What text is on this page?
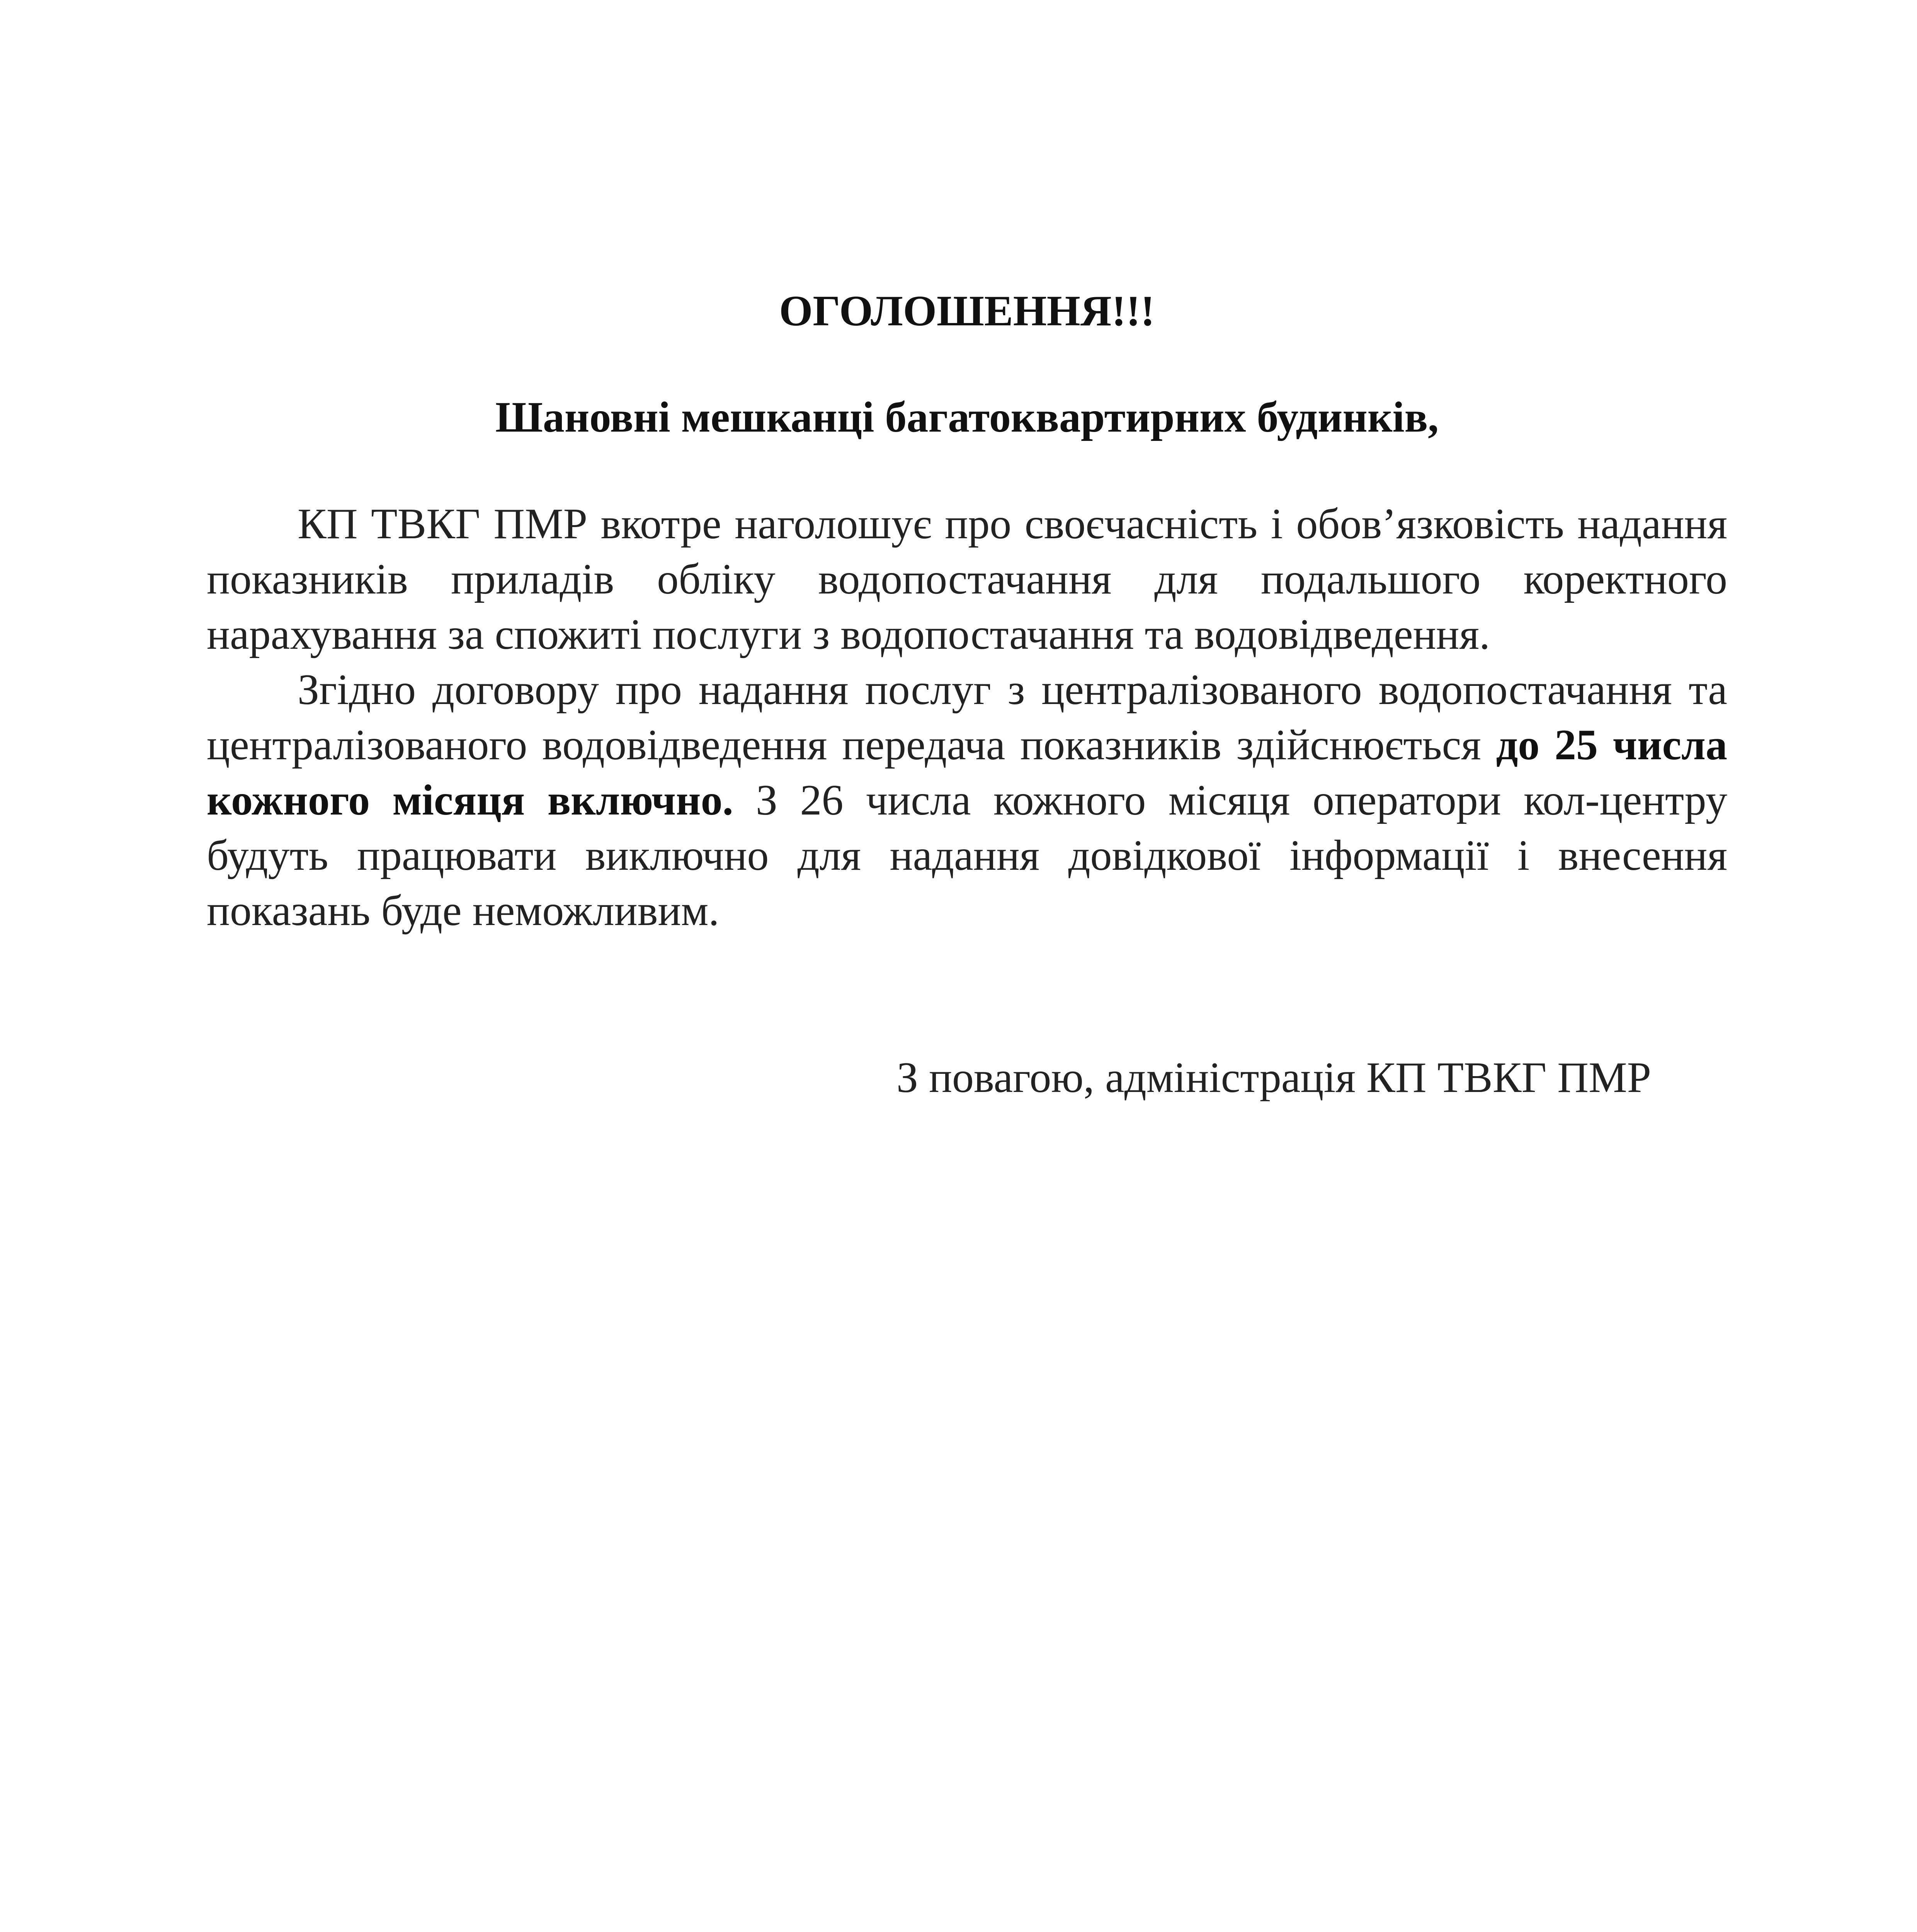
ОГОЛОШЕННЯ!!!
Шановні мешканці багатоквартирних будинків,

КП ТВКГ ПМР вкотре наголошує про своєчасність і обов’язковість надання показників приладів обліку водопостачання для подальшого коректного нарахування за спожиті послуги з водопостачання та водовідведення.

Згідно договору про надання послуг з централізованого водопостачання та централізованого водовідведення передача показників здійснюється до 25 числа кожного місяця включно. З 26 числа кожного місяця оператори кол-центру будуть працювати виключно для надання довідкової інформації і внесення показань буде неможливим.

З повагою, адміністрація КП ТВКГ ПМР
